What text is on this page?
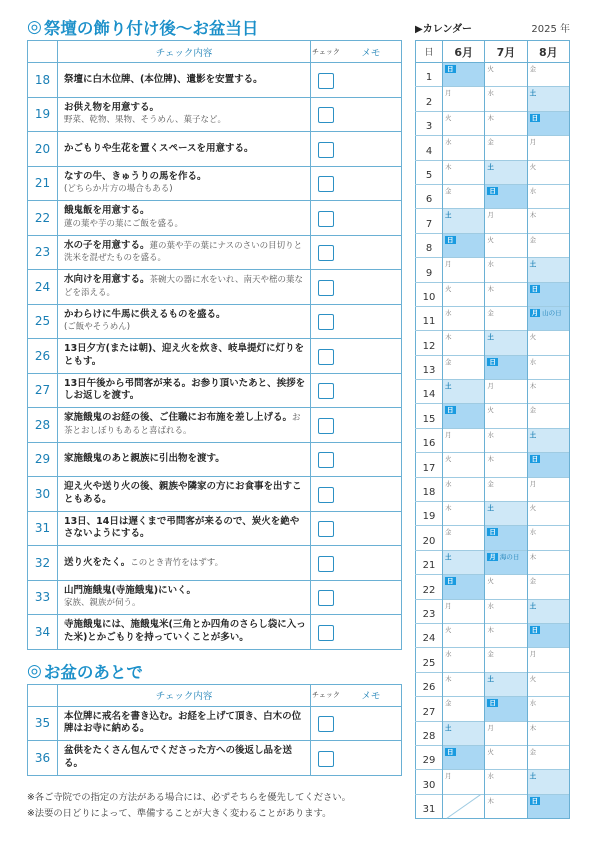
◎ 祭壇の飾り付け後〜お盆当日
	チェック内容	チェック	メモ
18	祭壇に白木位牌、(本位牌)、遺影を安置する。		
19	お供え物を用意する。
野菜、乾物、果物、そうめん、菓子など。		
20	かごもりや生花を置くスペースを用意する。		
21	なすの牛、きゅうりの馬を作る。
(どちらか片方の場合もある)		
22	餓鬼飯を用意する。
蓮の葉や芋の葉にご飯を盛る。		
23	水の子を用意する。蓮の葉や芋の葉にナスのさいの目切りと洗米を混ぜたものを盛る。		
24	水向けを用意する。茶碗大の器に水をいれ、南天や樒の葉などを添える。		
25	かわらけに牛馬に供えるものを盛る。
(ご飯やそうめん)		
26	13日夕方(または朝)、迎え火を炊き、岐阜提灯に灯りをともす。		
27	13日午後から弔問客が来る。お参り頂いたあと、挨拶をしお返しを渡す。		
28	家施餓鬼のお経の後、ご住職にお布施を差し上げる。お茶とおしぼりもあると喜ばれる。		
29	家施餓鬼のあと親族に引出物を渡す。		
30	迎え火や送り火の後、親族や隣家の方にお食事を出すこともある。		
31	13日、14日は遅くまで弔問客が来るので、炭火を絶やさないようにする。		
32	送り火をたく。このとき青竹をはずす。		
33	山門施餓鬼(寺施餓鬼)にいく。
家族、親族が伺う。		
34	寺施餓鬼には、施餓鬼米(三角とか四角のさらし袋に入った米)とかごもりを持っていくことが多い。		
◎ お盆のあとで
	チェック内容	チェック	メモ
35	本位牌に戒名を書き込む。お経を上げて頂き、白木の位牌はお寺に納める。		
36	盆供をたくさん包んでくださった方への後返し品を送る。		
※各ご寺院での指定の方法がある場合には、必ずそちらを優先してください。
※法要の日どりによって、準備することが大きく変わることがあります。
▶カレンダー	2025 年
日	6月	7月	8月
1	日	火	金
2	月	水	土
3	火	木	日
4	水	金	月
5	木	土	火
6	金	日	水
7	土	月	木
8	日	火	金
9	月	水	土
10	火	木	日
11	水	金	月 山の日
12	木	土	火
13	金	日	水
14	土	月	木
15	日	火	金
16	月	水	土
17	火	木	日
18	水	金	月
19	木	土	火
20	金	日	水
21	土	月 海の日	木
22	日	火	金
23	月	水	土
24	火	木	日
25	水	金	月
26	木	土	火
27	金	日	水
28	土	月	木
29	日	火	金
30	月	水	土
31		木	日
